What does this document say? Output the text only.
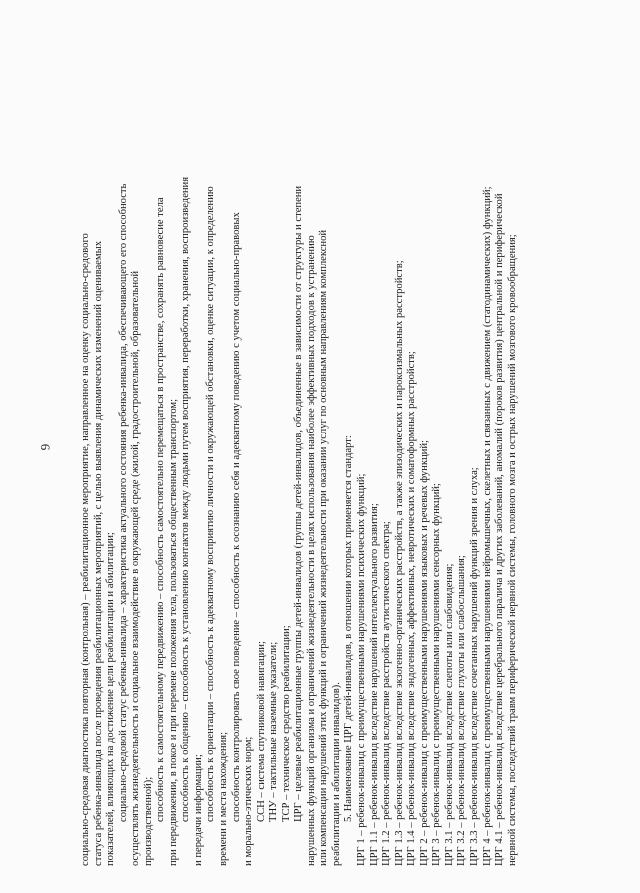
6	социально-средовая диагностика повторная (контрольная) – реабилитационное мероприятие, направленное на оценку социально-средового статуса ребенка-инвалида после проведения реабилитационных мероприятий, с целью выявления динамических изменений оцениваемых показателей, влияющих на достижение цели реабилитации и абилитации; социально-средовой статус ребенка-инвалида – характеристика актуального состояния ребенка-инвалида, обеспечивающего его способность осуществлять жизнедеятельность и социальное взаимодействие в окружающей среде (жилой, градостроительной, образовательной производственной); способность к самостоятельному передвижению – способность самостоятельно перемещаться в пространстве, сохранять равновесие тела при передвижении, в покое и при перемене положения тела, пользоваться общественным транспортом; способность к общению – способность к установлению контактов между людьми путем восприятия, переработки, хранения, воспроизведения и передачи информации; способность к ориентации – способность к адекватному восприятию личности и окружающей обстановки, оценке ситуации, к определению времени и места нахождения; способность контролировать свое поведение – способность к осознанию себя и адекватному поведению с учетом социально-правовых и морально-этических норм; ССН – система спутниковой навигации; ТНУ – тактильные наземные указатели; ТСР – техническое средство реабилитации; ЦРГ – целевые реабилитационные группы детей-инвалидов (группы детей-инвалидов, объединенные в зависимости от структуры и степени нарушенных функций организма и ограничений жизнедеятельности в целях использования наиболее эффективных подходов к устранению или компенсации нарушений этих функций и ограничений жизнедеятельности при оказании услуг по основным направлениям комплексной реабилитации и абилитации инвалидов). 5. Наименование ЦРГ детей-инвалидов, в отношении которых применяется стандарт: ЦРГ 1 – ребенок-инвалид с преимущественными нарушениями психических функций; ЦРГ 1.1 – ребенок-инвалид вследствие нарушений интеллектуального развития; ЦРГ 1.2 – ребенок-инвалид вследствие расстройств аутистического спектра; ЦРГ 1.3 – ребенок-инвалид вследствие экзогенно-органических расстройств, а также эпизодических и пароксизмальных расстройств; ЦРГ 1.4 – ребенок-инвалид вследствие эндогенных, аффективных, невротических и соматоформных расстройств; ЦРГ 2 – ребенок-инвалид с преимущественными нарушениями языковых и речевых функций; ЦРГ 3 – ребенок-инвалид с преимущественными нарушениями сенсорных функций; ЦРГ 3.1 – ребенок-инвалид вследствие слепоты или слабовидения; ЦРГ 3.2 – ребенок-инвалид вследствие глухоты или слабослышания; ЦРГ 3.3 – ребенок-инвалид вследствие сочетанных нарушений функций зрения и слуха; ЦРГ 4 – ребенок-инвалид с преимущественными нарушениями нейромышечных, скелетных и связанных с движением (статодинамических) функций; ЦРГ 4.1 – ребенок-инвалид вследствие церебрального паралича и других заболеваний, аномалий (пороков развития) центральной и периферической нервной системы, последствий травм периферической нервной системы, головного мозга и острых нарушений мозгового кровообращения;
